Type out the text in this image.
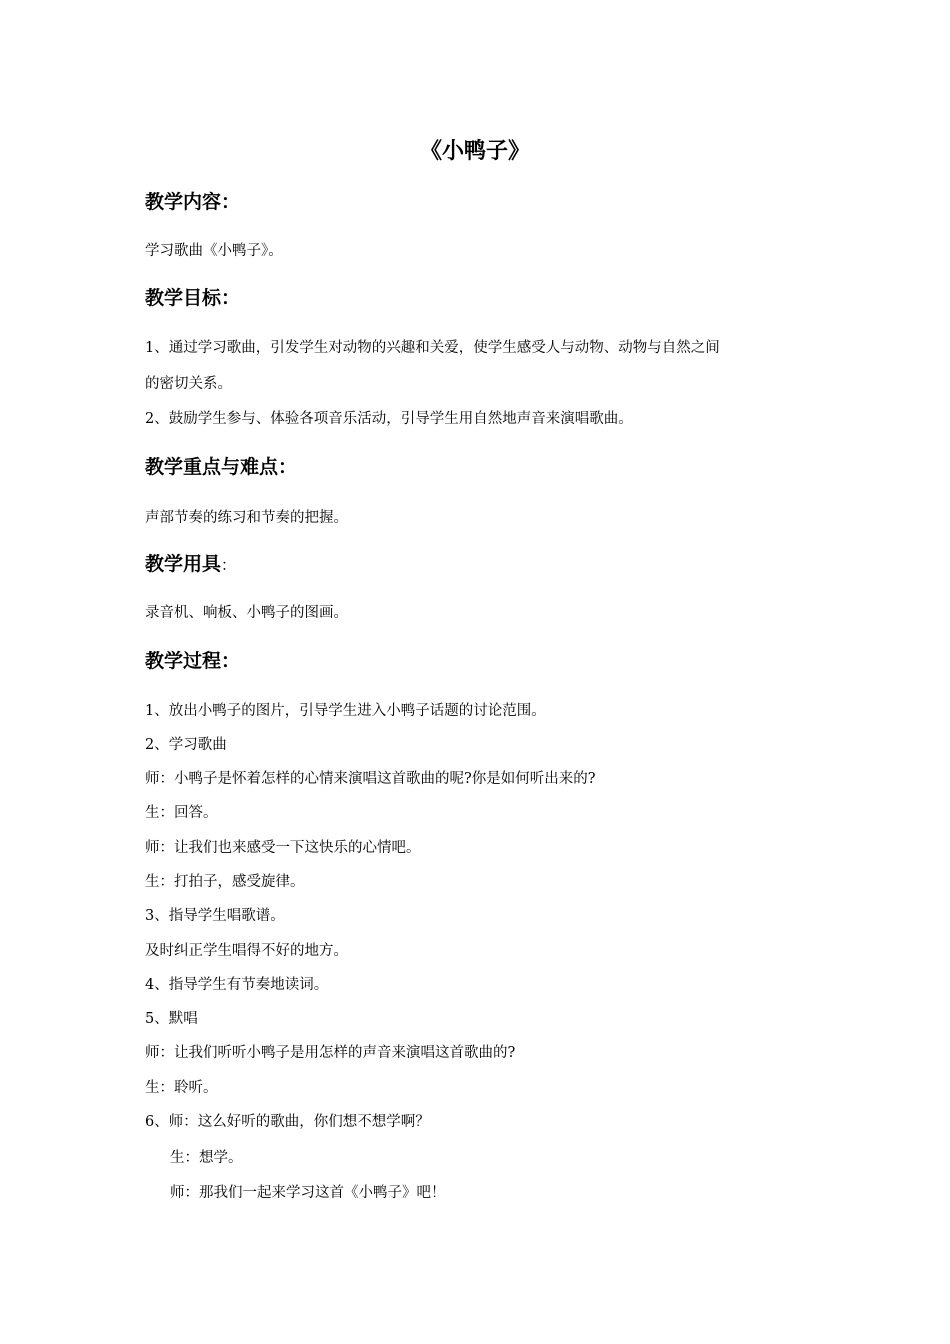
《小鸭子》
教学内容：
学习歌曲《小鸭子》。
教学目标：
1、通过学习歌曲，引发学生对动物的兴趣和关爱，使学生感受人与动物、动物与自然之间
的密切关系。
2、鼓励学生参与、体验各项音乐活动，引导学生用自然地声音来演唱歌曲。
教学重点与难点：
声部节奏的练习和节奏的把握。
教学用具：
录音机、响板、小鸭子的图画。
教学过程：
1、放出小鸭子的图片，引导学生进入小鸭子话题的讨论范围。
2、学习歌曲
师：小鸭子是怀着怎样的心情来演唱这首歌曲的呢?你是如何听出来的?
生：回答。
师：让我们也来感受一下这快乐的心情吧。
生：打拍子，感受旋律。
3、指导学生唱歌谱。
及时纠正学生唱得不好的地方。
4、指导学生有节奏地读词。
5、默唱
师：让我们听听小鸭子是用怎样的声音来演唱这首歌曲的?
生：聆听。
6、师：这么好听的歌曲，你们想不想学啊？
生：想学。
师：那我们一起来学习这首《小鸭子》吧！
